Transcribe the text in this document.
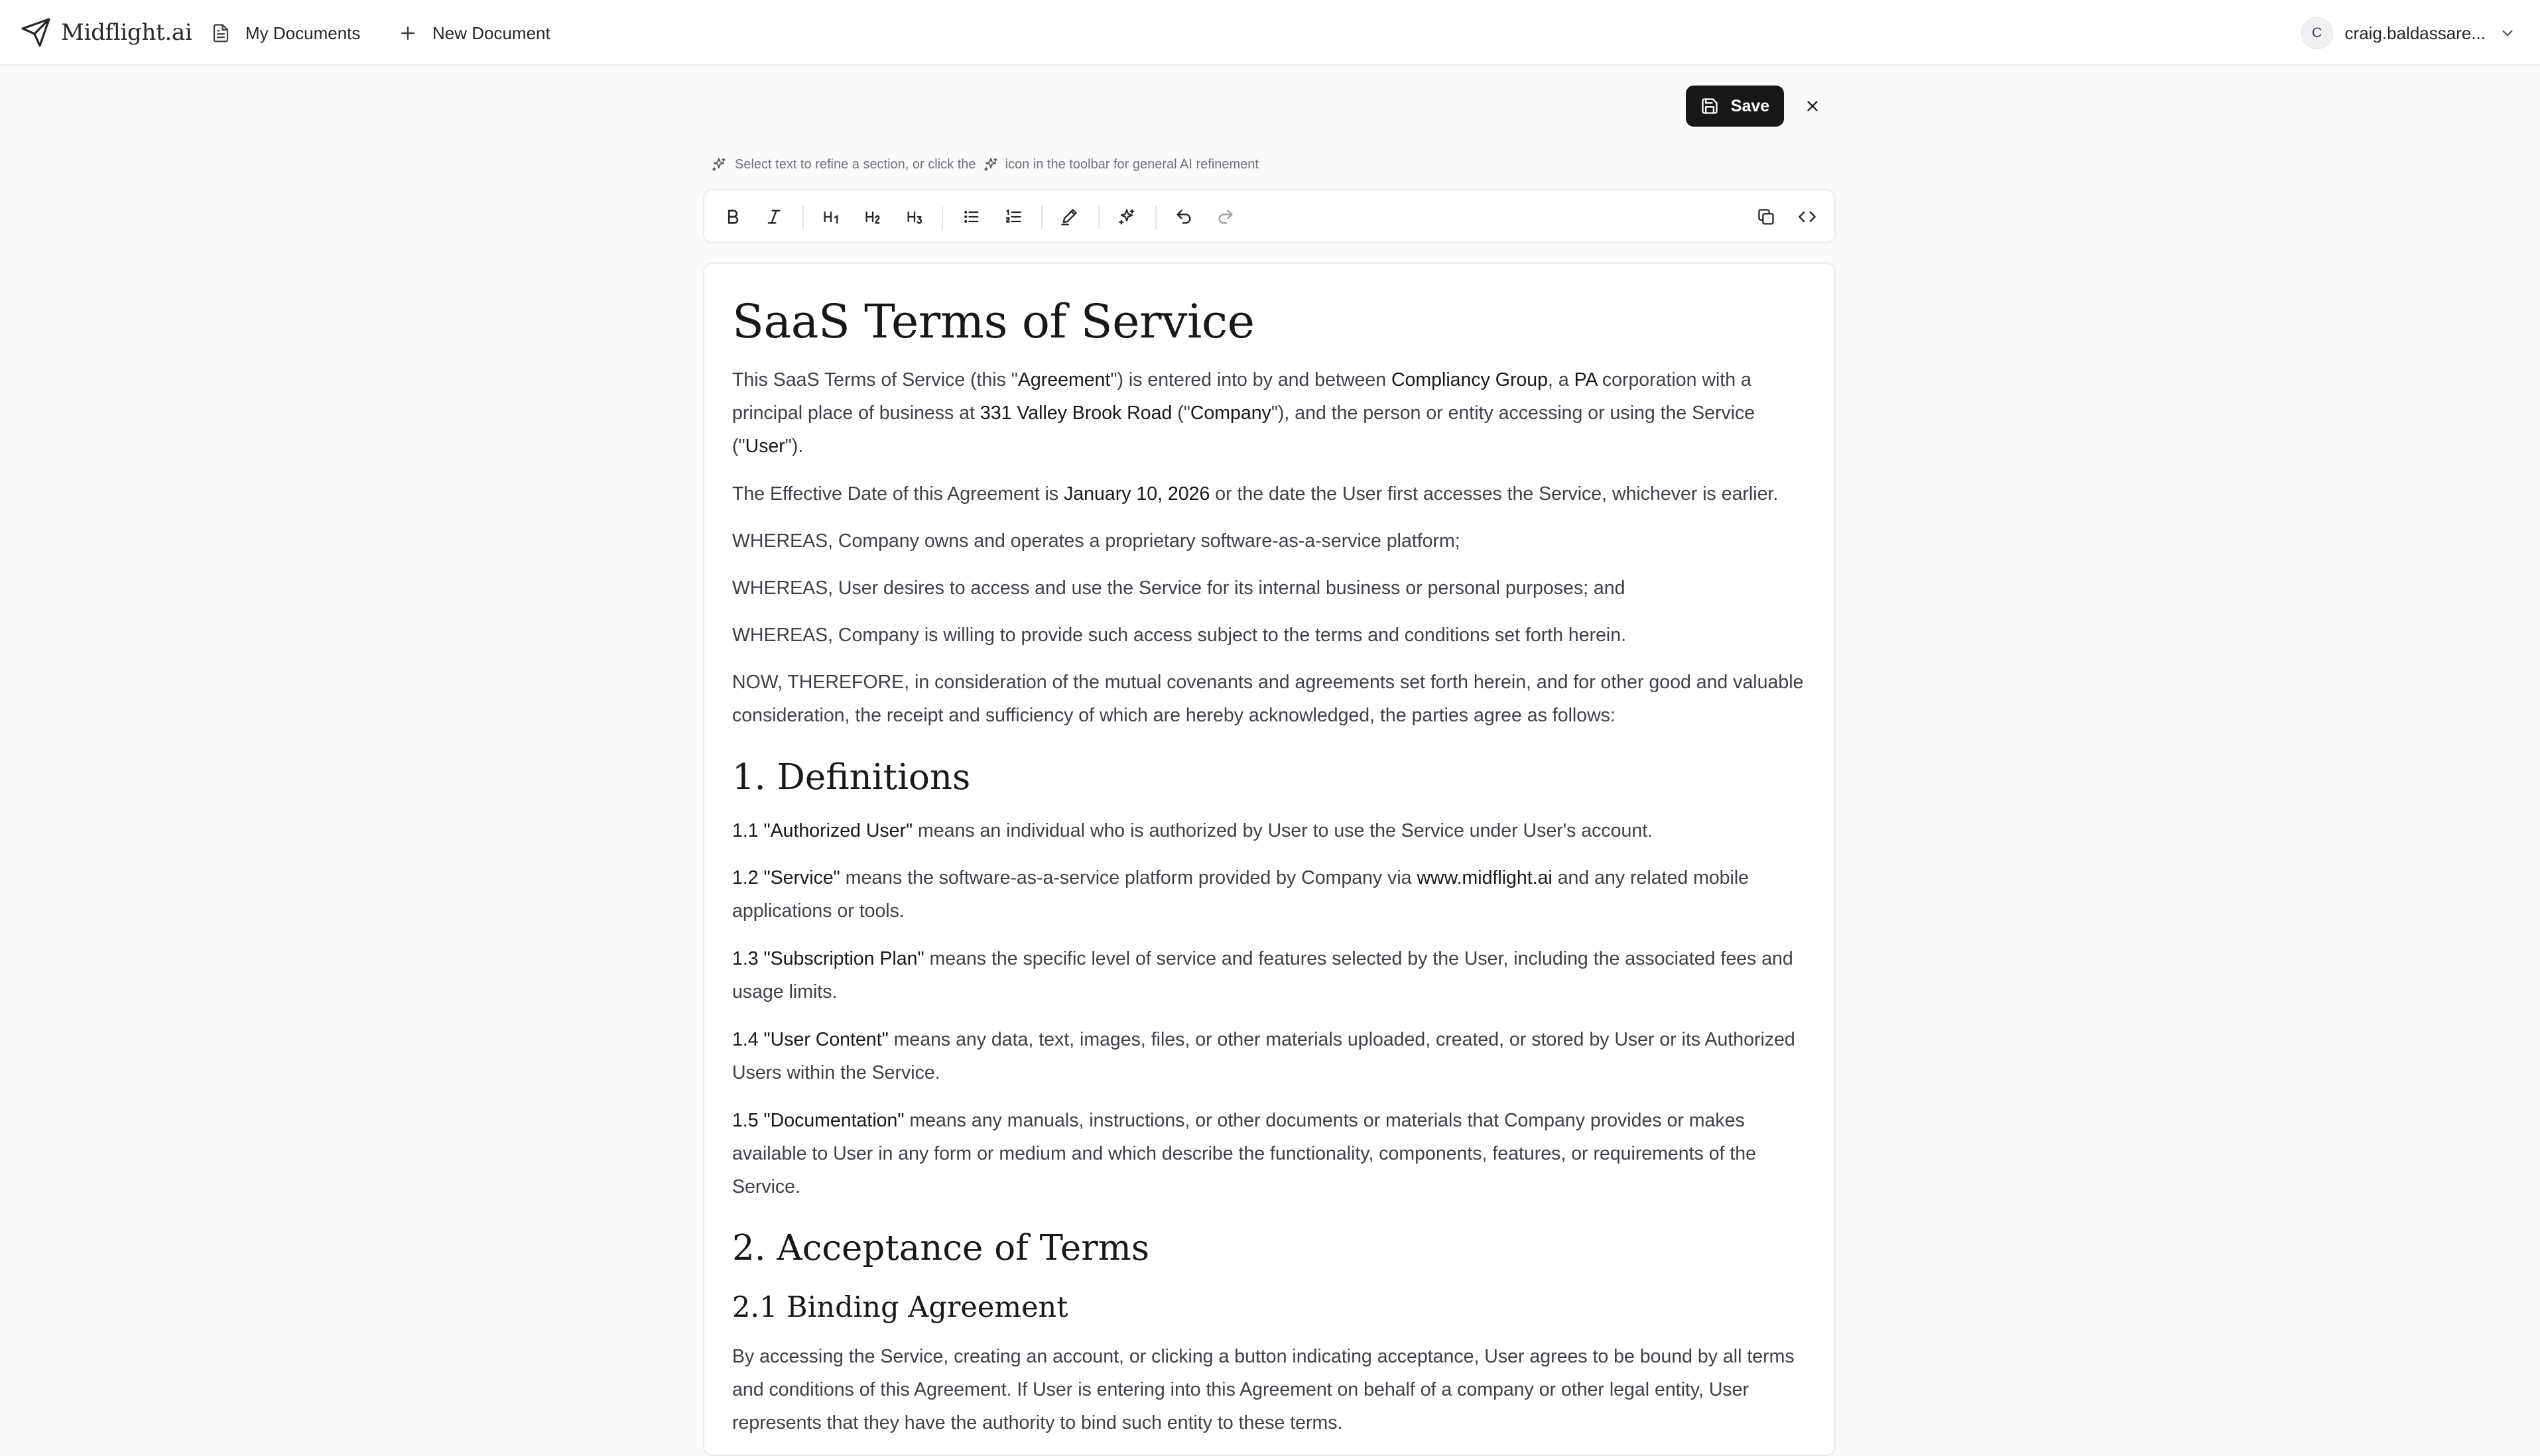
Midflight.ai	My Documents	New Document	C	craig.baldassare...
Save
Select text to refine a section, or click the icon in the toolbar for general AI refinement
SaaS Terms of Service

This SaaS Terms of Service (this "Agreement") is entered into by and between Compliancy Group, a PA corporation with a principal place of business at 331 Valley Brook Road ("Company"), and the person or entity accessing or using the Service ("User").

The Effective Date of this Agreement is January 10, 2026 or the date the User first accesses the Service, whichever is earlier.

WHEREAS, Company owns and operates a proprietary software-as-a-service platform;

WHEREAS, User desires to access and use the Service for its internal business or personal purposes; and

WHEREAS, Company is willing to provide such access subject to the terms and conditions set forth herein.

NOW, THEREFORE, in consideration of the mutual covenants and agreements set forth herein, and for other good and valuable consideration, the receipt and sufficiency of which are hereby acknowledged, the parties agree as follows:

1. Definitions

1.1 "Authorized User" means an individual who is authorized by User to use the Service under User's account.

1.2 "Service" means the software-as-a-service platform provided by Company via www.midflight.ai and any related mobile applications or tools.

1.3 "Subscription Plan" means the specific level of service and features selected by the User, including the associated fees and usage limits.

1.4 "User Content" means any data, text, images, files, or other materials uploaded, created, or stored by User or its Authorized Users within the Service.

1.5 "Documentation" means any manuals, instructions, or other documents or materials that Company provides or makes available to User in any form or medium and which describe the functionality, components, features, or requirements of the Service.

2. Acceptance of Terms
2.1 Binding Agreement

By accessing the Service, creating an account, or clicking a button indicating acceptance, User agrees to be bound by all terms and conditions of this Agreement. If User is entering into this Agreement on behalf of a company or other legal entity, User represents that they have the authority to bind such entity to these terms.
